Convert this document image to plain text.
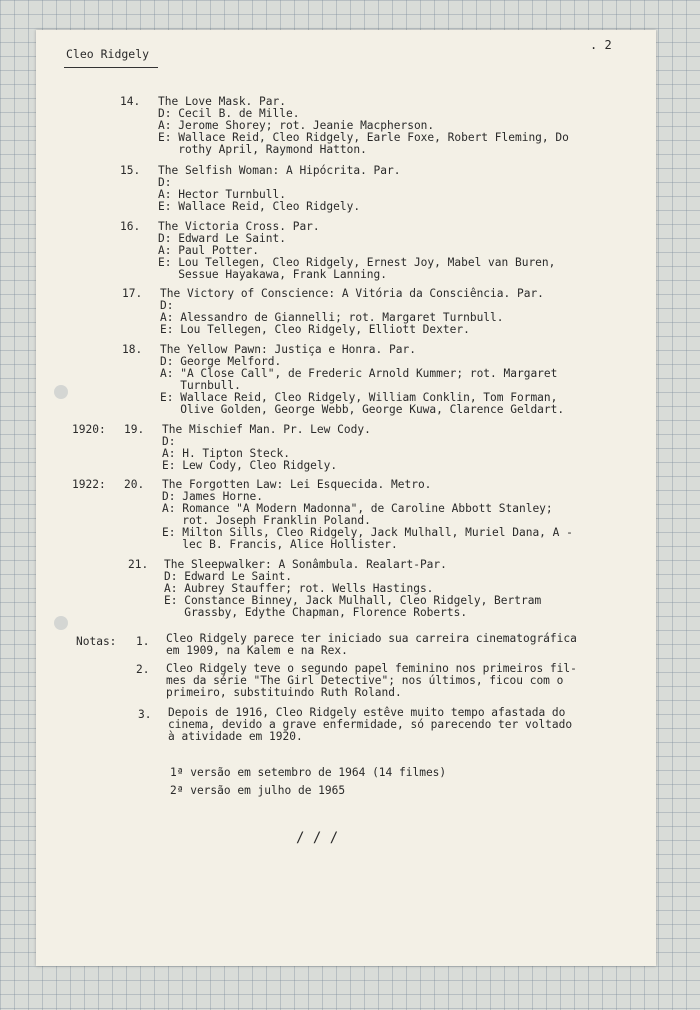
Cleo Ridgely
. 2
14. The Love Mask. Par.
D: Cecil B. de Mille.
A: Jerome Shorey; rot. Jeanie Macpherson.
E: Wallace Reid, Cleo Ridgely, Earle Foxe, Robert Fleming, Do
rothy April, Raymond Hatton.
15. The Selfish Woman: A Hipócrita. Par.
D:
A: Hector Turnbull.
E: Wallace Reid, Cleo Ridgely.
16. The Victoria Cross. Par.
D: Edward Le Saint.
A: Paul Potter.
E: Lou Tellegen, Cleo Ridgely, Ernest Joy, Mabel van Buren,
Sessue Hayakawa, Frank Lanning.
17. The Victory of Conscience: A Vitória da Consciência. Par.
D:
A: Alessandro de Giannelli; rot. Margaret Turnbull.
E: Lou Tellegen, Cleo Ridgely, Elliott Dexter.
18. The Yellow Pawn: Justiça e Honra. Par.
D: George Melford.
A: "A Close Call", de Frederic Arnold Kummer; rot. Margaret
Turnbull.
E: Wallace Reid, Cleo Ridgely, William Conklin, Tom Forman,
Olive Golden, George Webb, George Kuwa, Clarence Geldart.
1920: 19. The Mischief Man. Pr. Lew Cody.
D:
A: H. Tipton Steck.
E: Lew Cody, Cleo Ridgely.
1922: 20. The Forgotten Law: Lei Esquecida. Metro.
D: James Horne.
A: Romance "A Modern Madonna", de Caroline Abbott Stanley;
rot. Joseph Franklin Poland.
E: Milton Sills, Cleo Ridgely, Jack Mulhall, Muriel Dana, A -
lec B. Francis, Alice Hollister.
21. The Sleepwalker: A Sonâmbula. Realart-Par.
D: Edward Le Saint.
A: Aubrey Stauffer; rot. Wells Hastings.
E: Constance Binney, Jack Mulhall, Cleo Ridgely, Bertram
Grassby, Edythe Chapman, Florence Roberts.
Notas: 1. Cleo Ridgely parece ter iniciado sua carreira cinematográfica
em 1909, na Kalem e na Rex.
2. Cleo Ridgely teve o segundo papel feminino nos primeiros fil-
mes da série "The Girl Detective"; nos últimos, ficou com o
primeiro, substituindo Ruth Roland.
3. Depois de 1916, Cleo Ridgely estêve muito tempo afastada do
cinema, devido a grave enfermidade, só parecendo ter voltado
à atividade em 1920.
1ª versão em setembro de 1964 (14 filmes)
2ª versão em julho de 1965
/ / /
